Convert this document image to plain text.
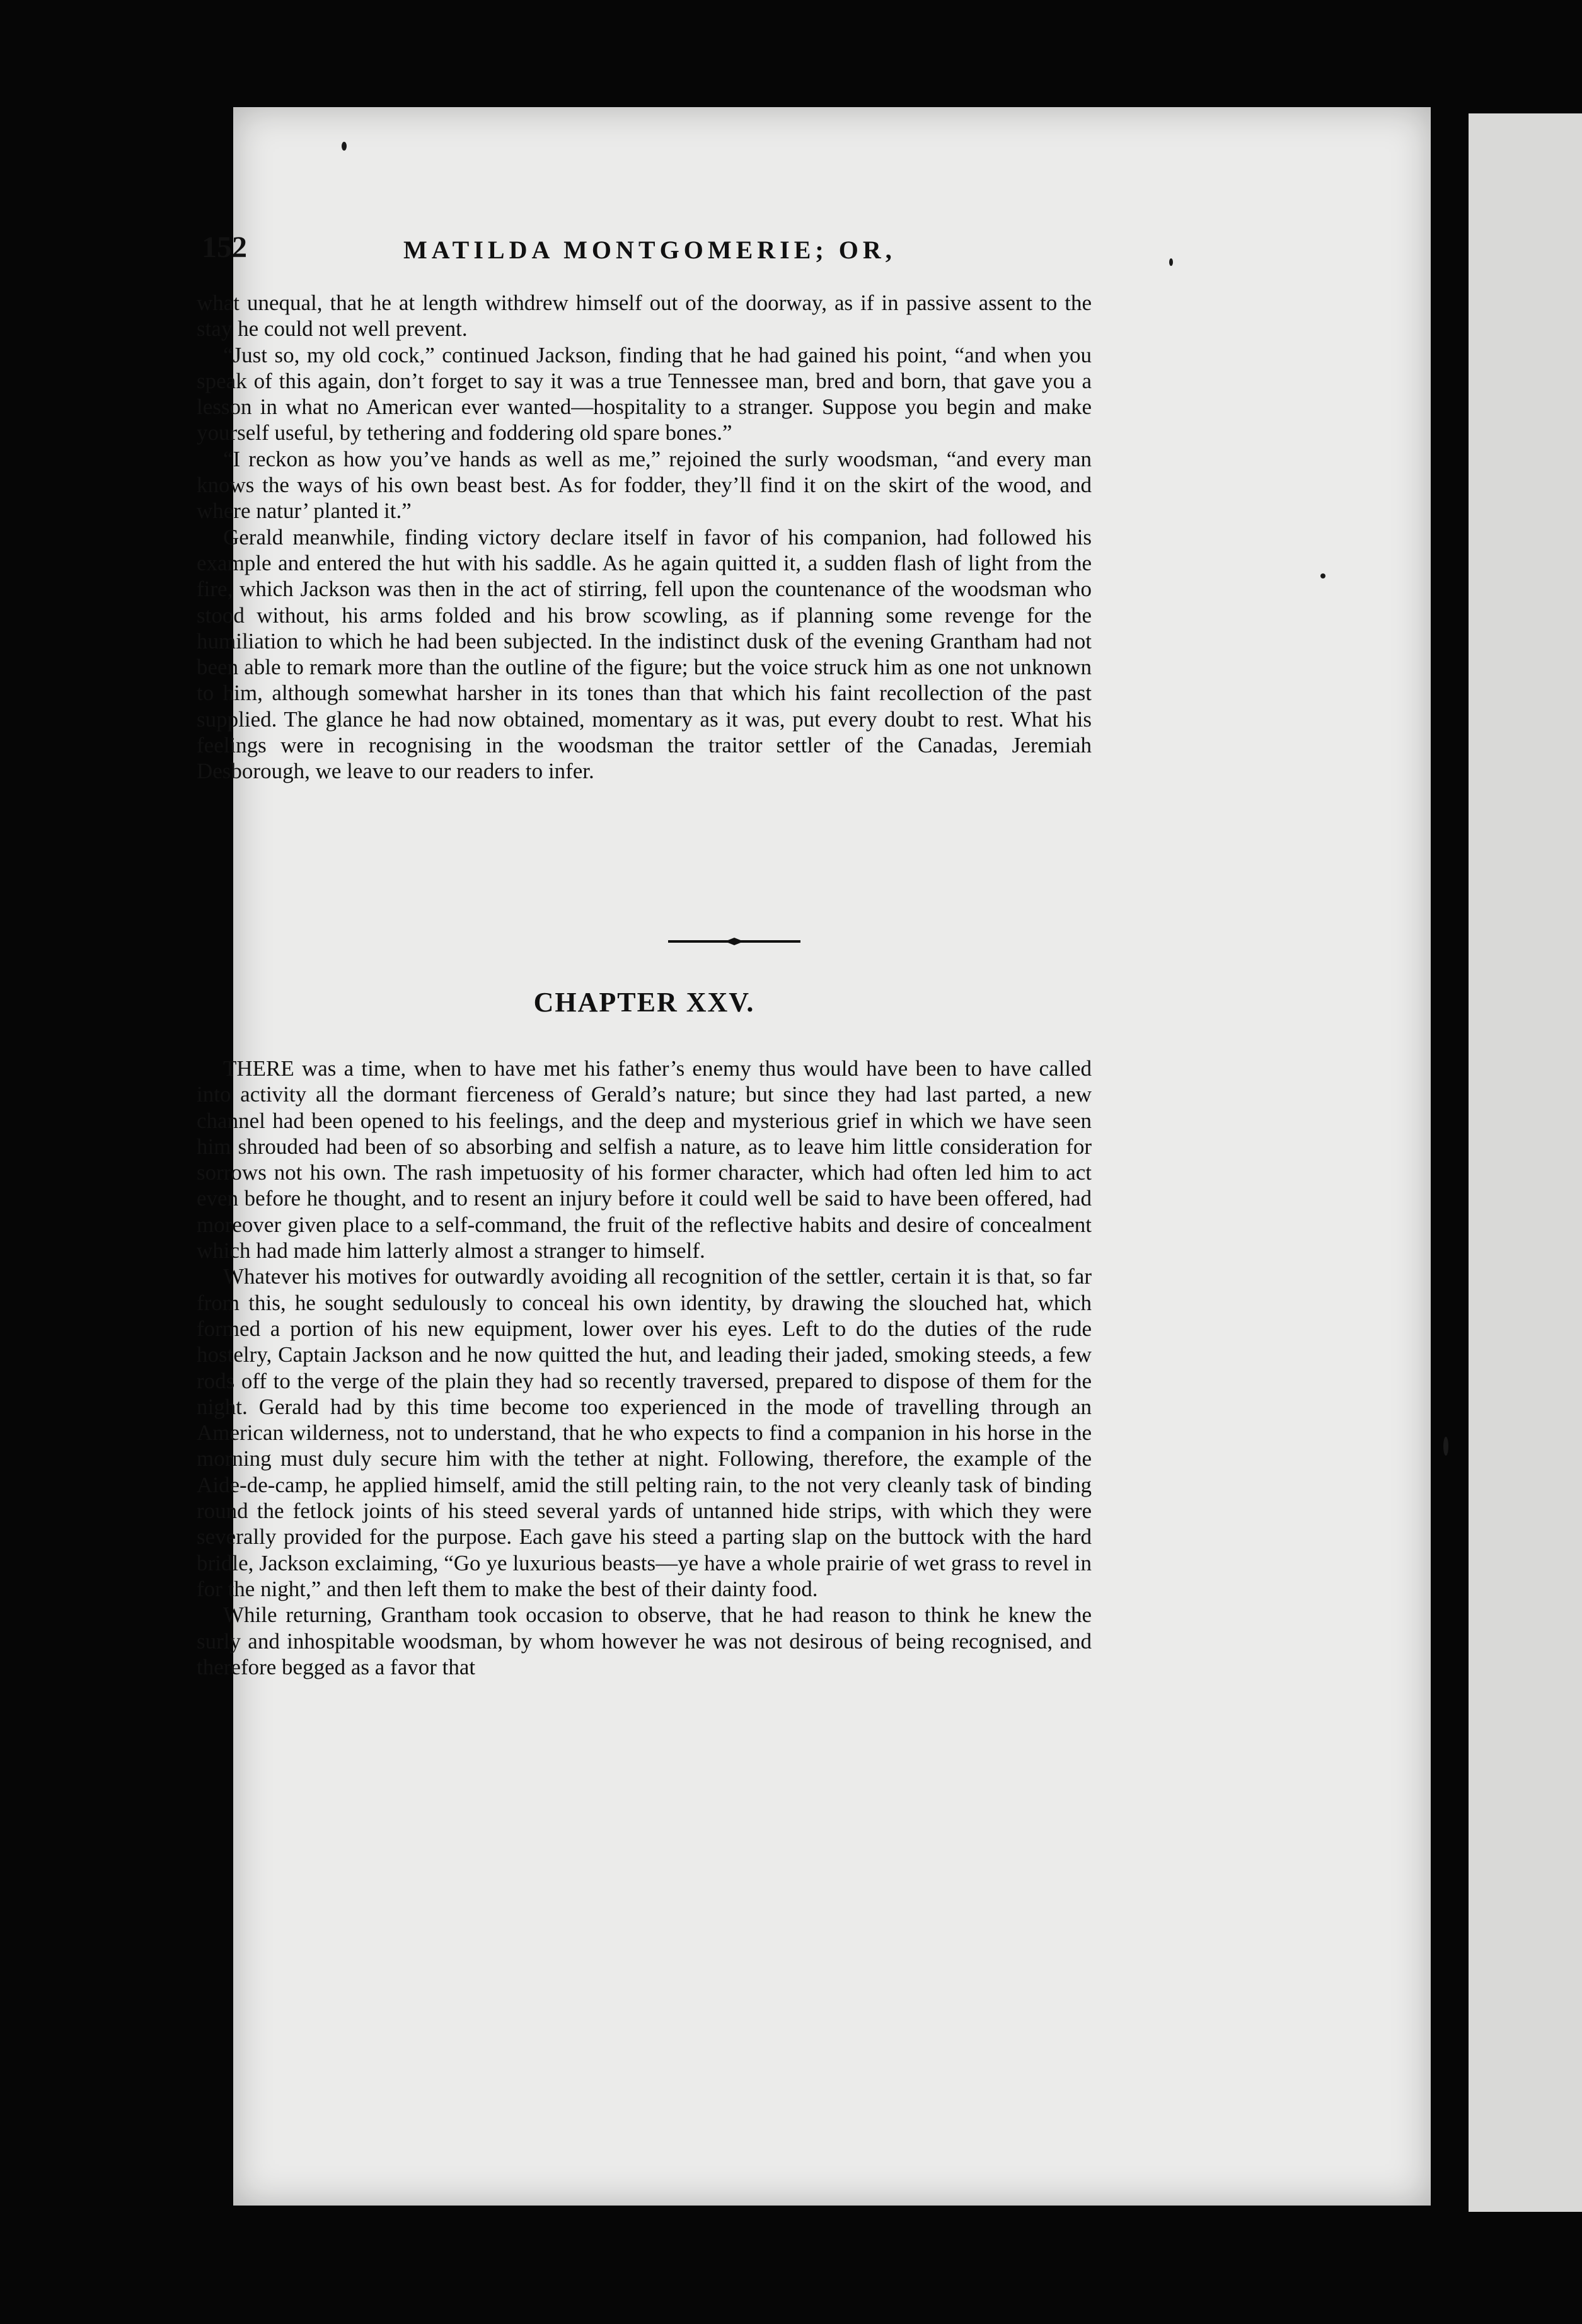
152	MATILDA MONTGOMERIE; OR,

what unequal, that he at length withdrew himself out of the doorway, as if in passive assent to the stay he could not well prevent.

“Just so, my old cock,” continued Jackson, finding that he had gained his point, “and when you speak of this again, don’t forget to say it was a true Tennessee man, bred and born, that gave you a lesson in what no American ever wanted—hospitality to a stranger. Suppose you begin and make yourself useful, by tethering and foddering old spare bones.”

“I reckon as how you’ve hands as well as me,” rejoined the surly woodsman, “and every man knows the ways of his own beast best. As for fodder, they’ll find it on the skirt of the wood, and where natur’ planted it.”

Gerald meanwhile, finding victory declare itself in favor of his companion, had followed his example and entered the hut with his saddle. As he again quitted it, a sudden flash of light from the fire, which Jackson was then in the act of stirring, fell upon the countenance of the woodsman who stood without, his arms folded and his brow scowling, as if planning some revenge for the humiliation to which he had been subjected. In the indistinct dusk of the evening Grantham had not been able to remark more than the outline of the figure; but the voice struck him as one not unknown to him, although somewhat harsher in its tones than that which his faint recollection of the past supplied. The glance he had now obtained, momentary as it was, put every doubt to rest. What his feelings were in recognising in the woodsman the traitor settler of the Canadas, Jeremiah Desborough, we leave to our readers to infer.

CHAPTER XXV.

THERE was a time, when to have met his father’s enemy thus would have been to have called into activity all the dormant fierceness of Gerald’s nature; but since they had last parted, a new channel had been opened to his feelings, and the deep and mysterious grief in which we have seen him shrouded had been of so absorbing and selfish a nature, as to leave him little consideration for sorrows not his own. The rash impetuosity of his former character, which had often led him to act even before he thought, and to resent an injury before it could well be said to have been offered, had moreover given place to a self-command, the fruit of the reflective habits and desire of concealment which had made him latterly almost a stranger to himself.

Whatever his motives for outwardly avoiding all recognition of the settler, certain it is that, so far from this, he sought sedulously to conceal his own identity, by drawing the slouched hat, which formed a portion of his new equipment, lower over his eyes. Left to do the duties of the rude hostelry, Captain Jackson and he now quitted the hut, and leading their jaded, smoking steeds, a few rods off to the verge of the plain they had so recently traversed, prepared to dispose of them for the night. Gerald had by this time become too experienced in the mode of travelling through an American wilderness, not to understand, that he who expects to find a companion in his horse in the morning must duly secure him with the tether at night. Following, therefore, the example of the Aide-de-camp, he applied himself, amid the still pelting rain, to the not very cleanly task of binding round the fetlock joints of his steed several yards of untanned hide strips, with which they were severally provided for the purpose. Each gave his steed a parting slap on the buttock with the hard bridle, Jackson exclaiming, “Go ye luxurious beasts—ye have a whole prairie of wet grass to revel in for the night,” and then left them to make the best of their dainty food.

While returning, Grantham took occasion to observe, that he had reason to think he knew the surly and inhospitable woodsman, by whom however he was not desirous of being recognised, and therefore begged as a favor that
